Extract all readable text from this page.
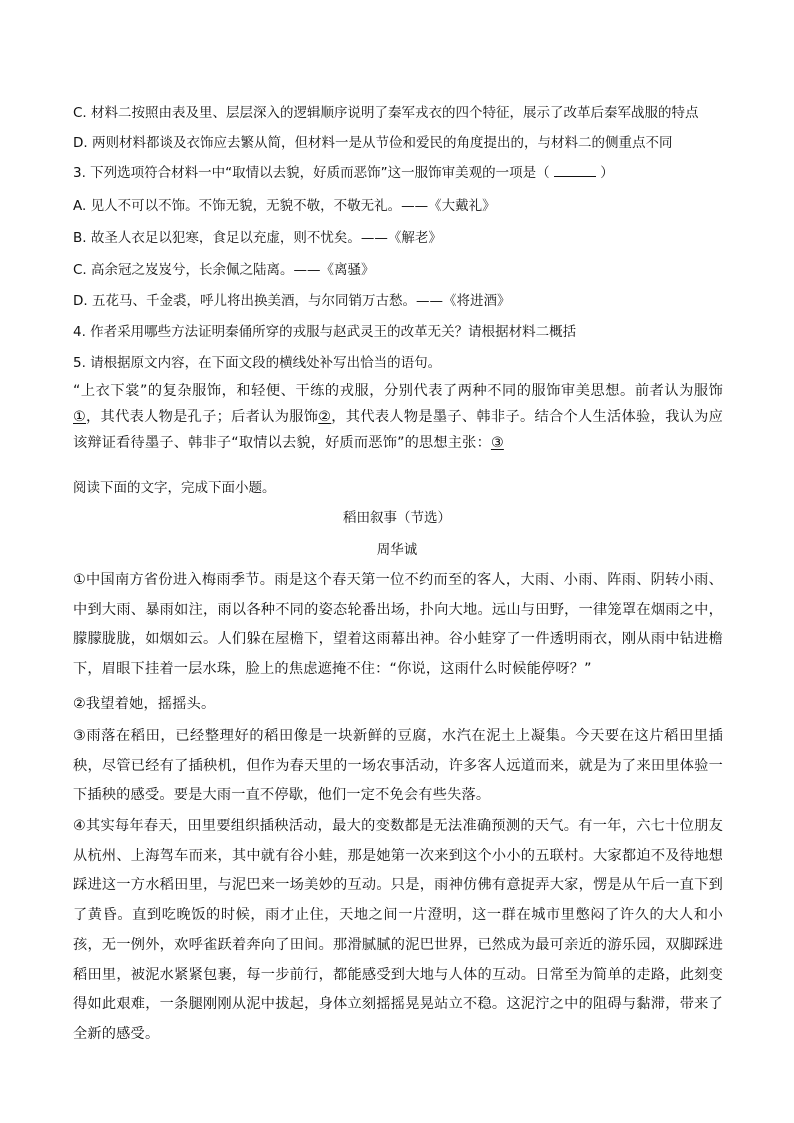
C. 材料二按照由表及里、层层深入的逻辑顺序说明了秦军戎衣的四个特征，展示了改革后秦军战服的特点
D. 两则材料都谈及衣饰应去繁从简，但材料一是从节俭和爱民的角度提出的，与材料二的侧重点不同
3. 下列选项符合材料一中“取情以去貌，好质而恶饰”这一服饰审美观的一项是（	）
A. 见人不可以不饰。不饰无貌，无貌不敬，不敬无礼。——《大戴礼》
B. 故圣人衣足以犯寒，食足以充虚，则不忧矣。——《解老》
C. 高余冠之岌岌兮，长余佩之陆离。——《离骚》
D. 五花马、千金裘，呼儿将出换美酒，与尔同销万古愁。——《将进酒》
4. 作者采用哪些方法证明秦俑所穿的戎服与赵武灵王的改革无关？请根据材料二概括
5. 请根据原文内容，在下面文段的横线处补写出恰当的语句。
“上衣下裳”的复杂服饰，和轻便、干练的戎服，分别代表了两种不同的服饰审美思想。前者认为服饰①，其代表人物是孔子；后者认为服饰②，其代表人物是墨子、韩非子。结合个人生活体验，我认为应该辩证看待墨子、韩非子“取情以去貌，好质而恶饰”的思想主张：③
阅读下面的文字，完成下面小题。
稻田叙事（节选）
周华诚
①中国南方省份进入梅雨季节。雨是这个春天第一位不约而至的客人，大雨、小雨、阵雨、阴转小雨、中到大雨、暴雨如注，雨以各种不同的姿态轮番出场，扑向大地。远山与田野，一律笼罩在烟雨之中，朦朦胧胧，如烟如云。人们躲在屋檐下，望着这雨幕出神。谷小蛙穿了一件透明雨衣，刚从雨中钻进檐下，眉眼下挂着一层水珠，脸上的焦虑遮掩不住：“你说，这雨什么时候能停呀？”
②我望着她，摇摇头。
③雨落在稻田，已经整理好的稻田像是一块新鲜的豆腐，水汽在泥土上凝集。今天要在这片稻田里插秧，尽管已经有了插秧机，但作为春天里的一场农事活动，许多客人远道而来，就是为了来田里体验一下插秧的感受。要是大雨一直不停歇，他们一定不免会有些失落。
④其实每年春天，田里要组织插秧活动，最大的变数都是无法准确预测的天气。有一年，六七十位朋友从杭州、上海驾车而来，其中就有谷小蛙，那是她第一次来到这个小小的五联村。大家都迫不及待地想踩进这一方水稻田里，与泥巴来一场美妙的互动。只是，雨神仿佛有意捉弄大家，愣是从午后一直下到了黄昏。直到吃晚饭的时候，雨才止住，天地之间一片澄明，这一群在城市里憋闷了许久的大人和小孩，无一例外，欢呼雀跃着奔向了田间。那滑腻腻的泥巴世界，已然成为最可亲近的游乐园，双脚踩进稻田里，被泥水紧紧包裹，每一步前行，都能感受到大地与人体的互动。日常至为简单的走路，此刻变得如此艰难，一条腿刚刚从泥中拔起，身体立刻摇摇晃晃站立不稳。这泥泞之中的阻碍与黏滞，带来了全新的感受。
